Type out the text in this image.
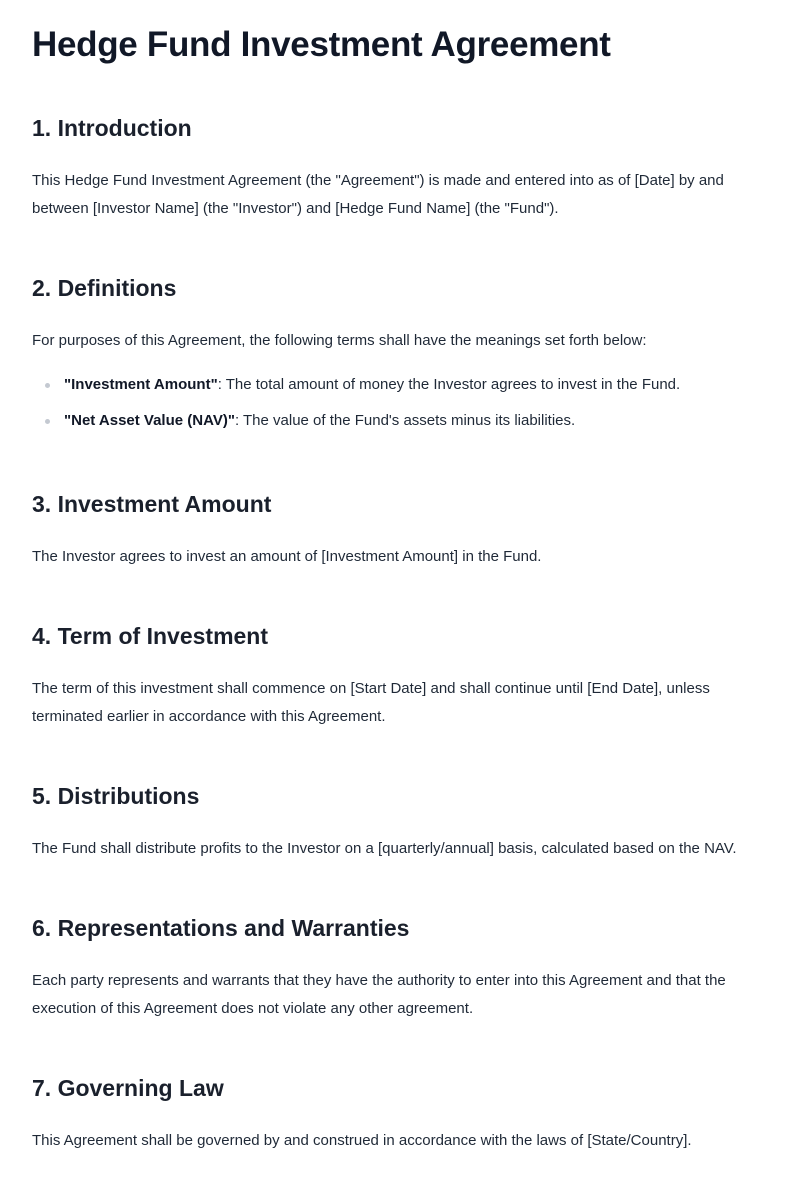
Hedge Fund Investment Agreement
1. Introduction

This Hedge Fund Investment Agreement (the "Agreement") is made and entered into as of [Date] by and between [Investor Name] (the "Investor") and [Hedge Fund Name] (the "Fund").

2. Definitions

For purposes of this Agreement, the following terms shall have the meanings set forth below:

"Investment Amount": The total amount of money the Investor agrees to invest in the Fund.
"Net Asset Value (NAV)": The value of the Fund's assets minus its liabilities.
3. Investment Amount

The Investor agrees to invest an amount of [Investment Amount] in the Fund.

4. Term of Investment

The term of this investment shall commence on [Start Date] and shall continue until [End Date], unless terminated earlier in accordance with this Agreement.

5. Distributions

The Fund shall distribute profits to the Investor on a [quarterly/annual] basis, calculated based on the NAV.

6. Representations and Warranties

Each party represents and warrants that they have the authority to enter into this Agreement and that the execution of this Agreement does not violate any other agreement.

7. Governing Law

This Agreement shall be governed by and construed in accordance with the laws of [State/Country].
